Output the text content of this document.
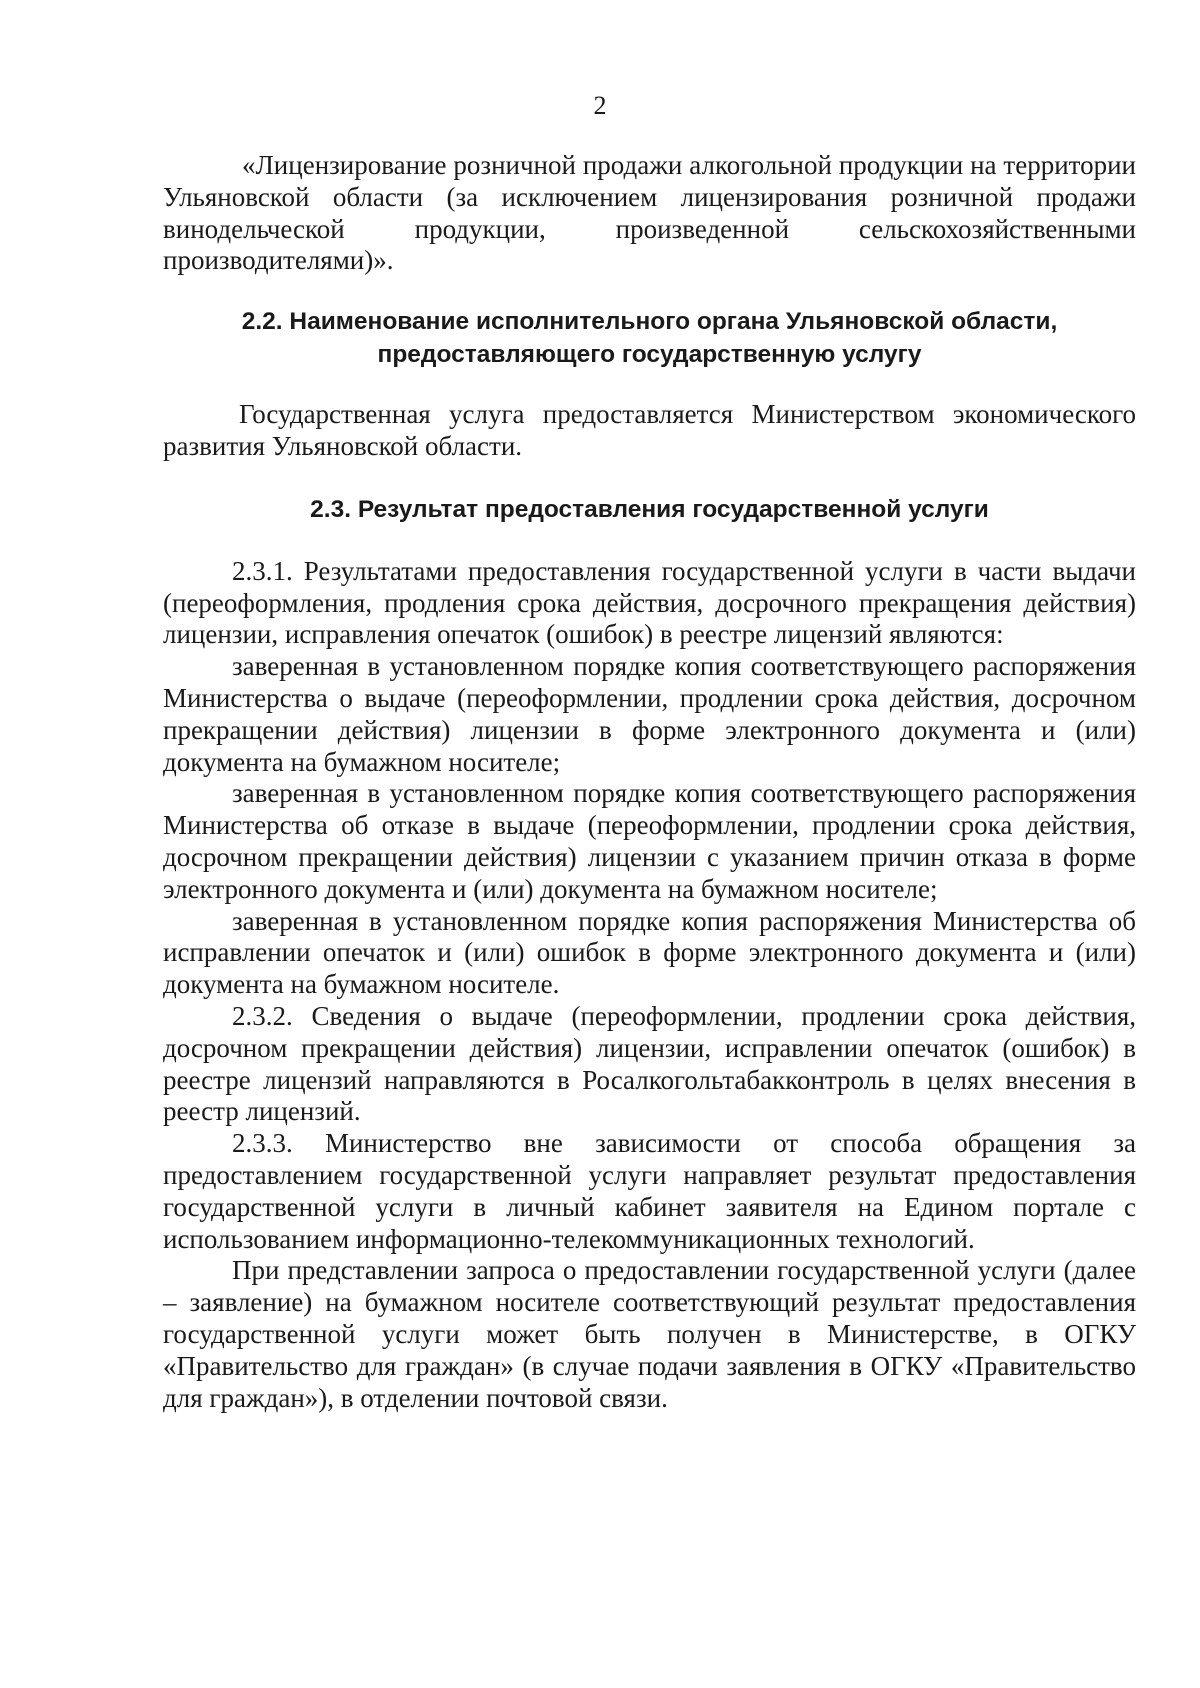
2

«Лицензирование розничной продажи алкогольной продукции на территории Ульяновской области (за исключением лицензирования розничной продажи винодельческой продукции, произведенной сельскохозяйственными производителями)».

2.2. Наименование исполнительного органа Ульяновской области,

предоставляющего государственную услугу

Государственная услуга предоставляется Министерством экономического развития Ульяновской области.

2.3. Результат предоставления государственной услуги

2.3.1. Результатами предоставления государственной услуги в части выдачи (переоформления, продления срока действия, досрочного прекращения действия) лицензии, исправления опечаток (ошибок) в реестре лицензий являются:

заверенная в установленном порядке копия соответствующего распоряжения Министерства о выдаче (переоформлении, продлении срока действия, досрочном прекращении действия) лицензии в форме электронного документа и (или) документа на бумажном носителе;

заверенная в установленном порядке копия соответствующего распоряжения Министерства об отказе в выдаче (переоформлении, продлении срока действия, досрочном прекращении действия) лицензии с указанием причин отказа в форме электронного документа и (или) документа на бумажном носителе;

заверенная в установленном порядке копия распоряжения Министерства об исправлении опечаток и (или) ошибок в форме электронного документа и (или) документа на бумажном носителе.

2.3.2. Сведения о выдаче (переоформлении, продлении срока действия, досрочном прекращении действия) лицензии, исправлении опечаток (ошибок) в реестре лицензий направляются в Росалкогольтабакконтроль в целях внесения в реестр лицензий.

2.3.3. Министерство вне зависимости от способа обращения за предоставлением государственной услуги направляет результат предоставления государственной услуги в личный кабинет заявителя на Едином портале с использованием информационно-телекоммуникационных технологий.

При представлении запроса о предоставлении государственной услуги (далее – заявление) на бумажном носителе соответствующий результат предоставления государственной услуги может быть получен в Министерстве, в ОГКУ «Правительство для граждан» (в случае подачи заявления в ОГКУ «Правительство для граждан»), в отделении почтовой связи.
